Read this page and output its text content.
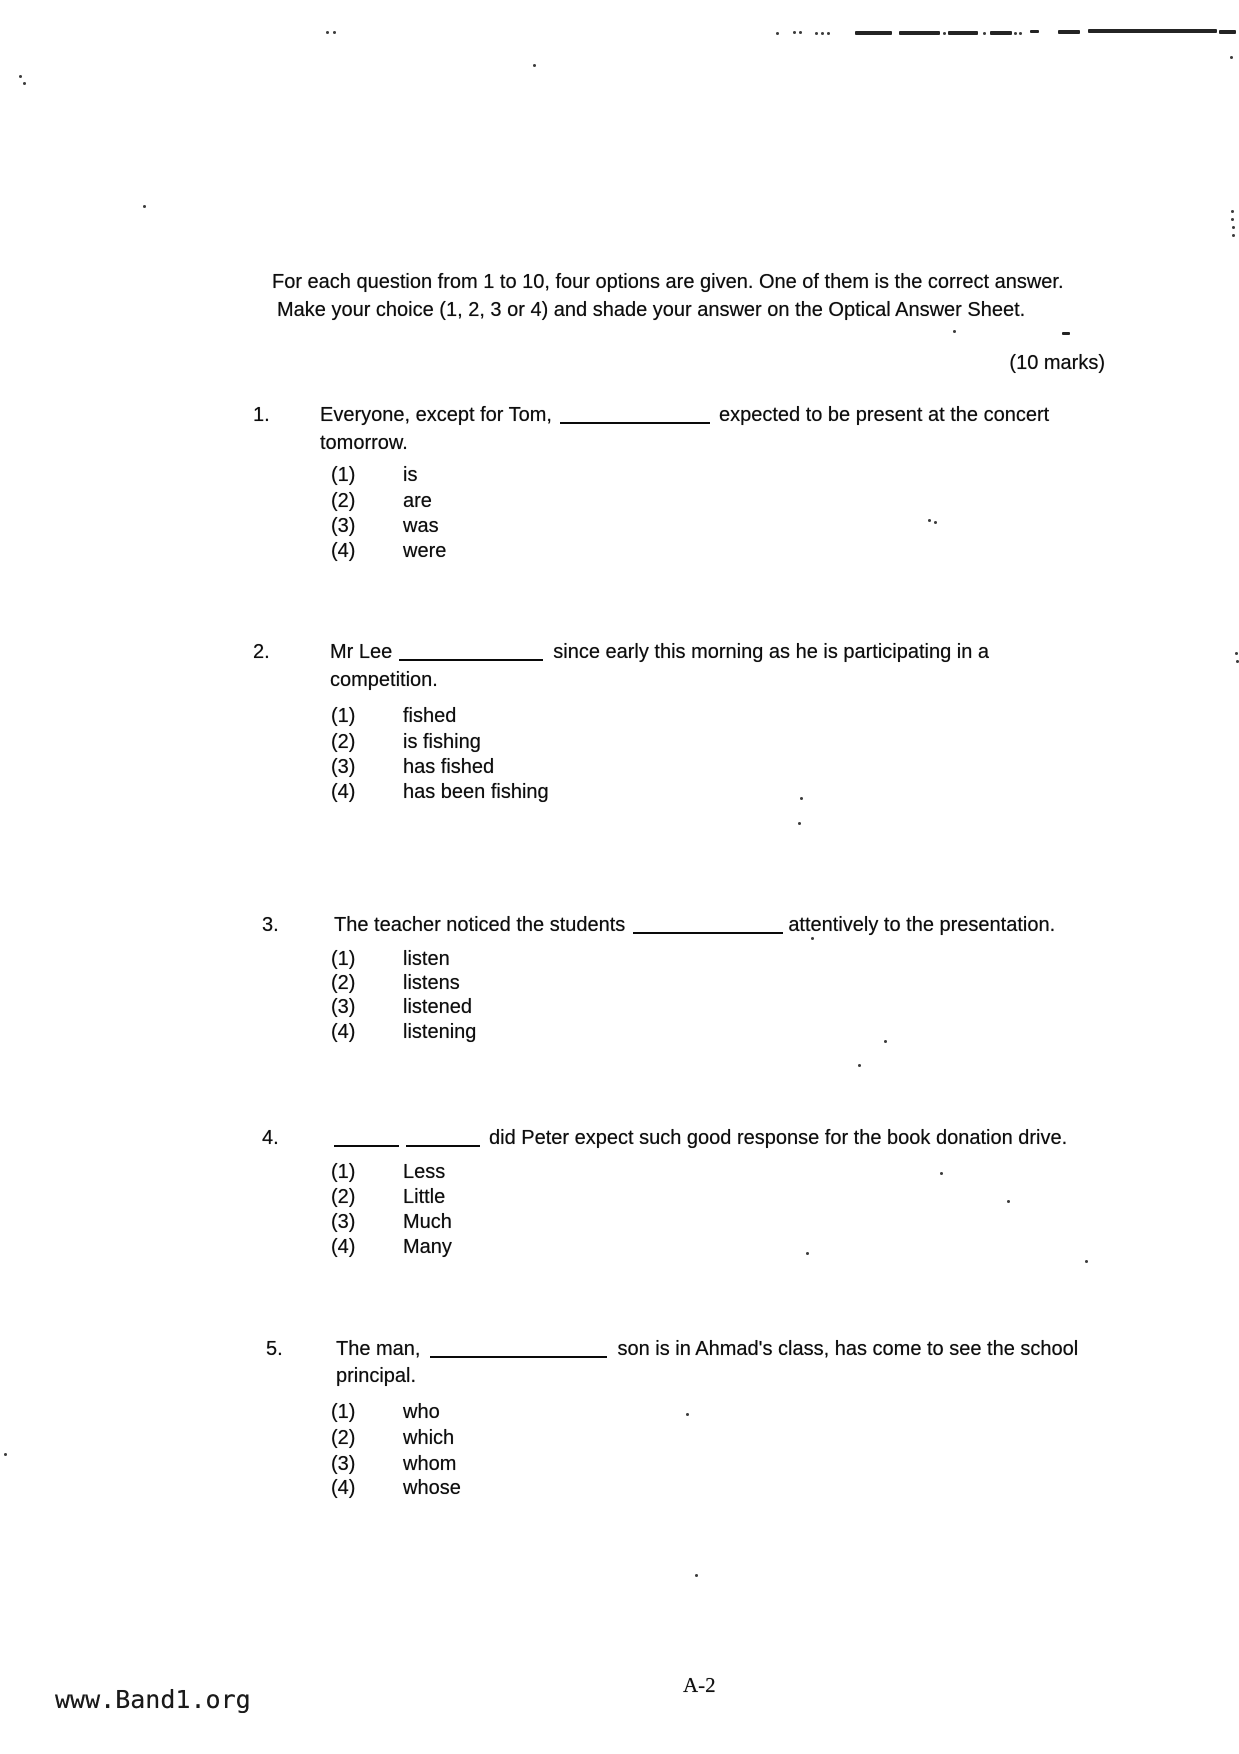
For each question from 1 to 10, four options are given. One of them is the correct answer.
Make your choice (1, 2, 3 or 4) and shade your answer on the Optical Answer Sheet.
(10 marks)
1.	Everyone, except for Tom,	expected to be present at the concert
tomorrow.
(1) is
(2) are
(3) was
(4) were
2.	Mr Lee	since early this morning as he is participating in a
competition.
(1) fished
(2) is fishing
(3) has fished
(4) has been fishing
3.	The teacher noticed the students	attentively to the presentation.
(1) listen
(2) listens
(3) listened
(4) listening
4.	did Peter expect such good response for the book donation drive.
(1) Less
(2) Little
(3) Much
(4) Many
5.	The man,	son is in Ahmad's class, has come to see the school
principal.
(1) who
(2) which
(3) whom
(4) whose
www.Band1.org	A-2
